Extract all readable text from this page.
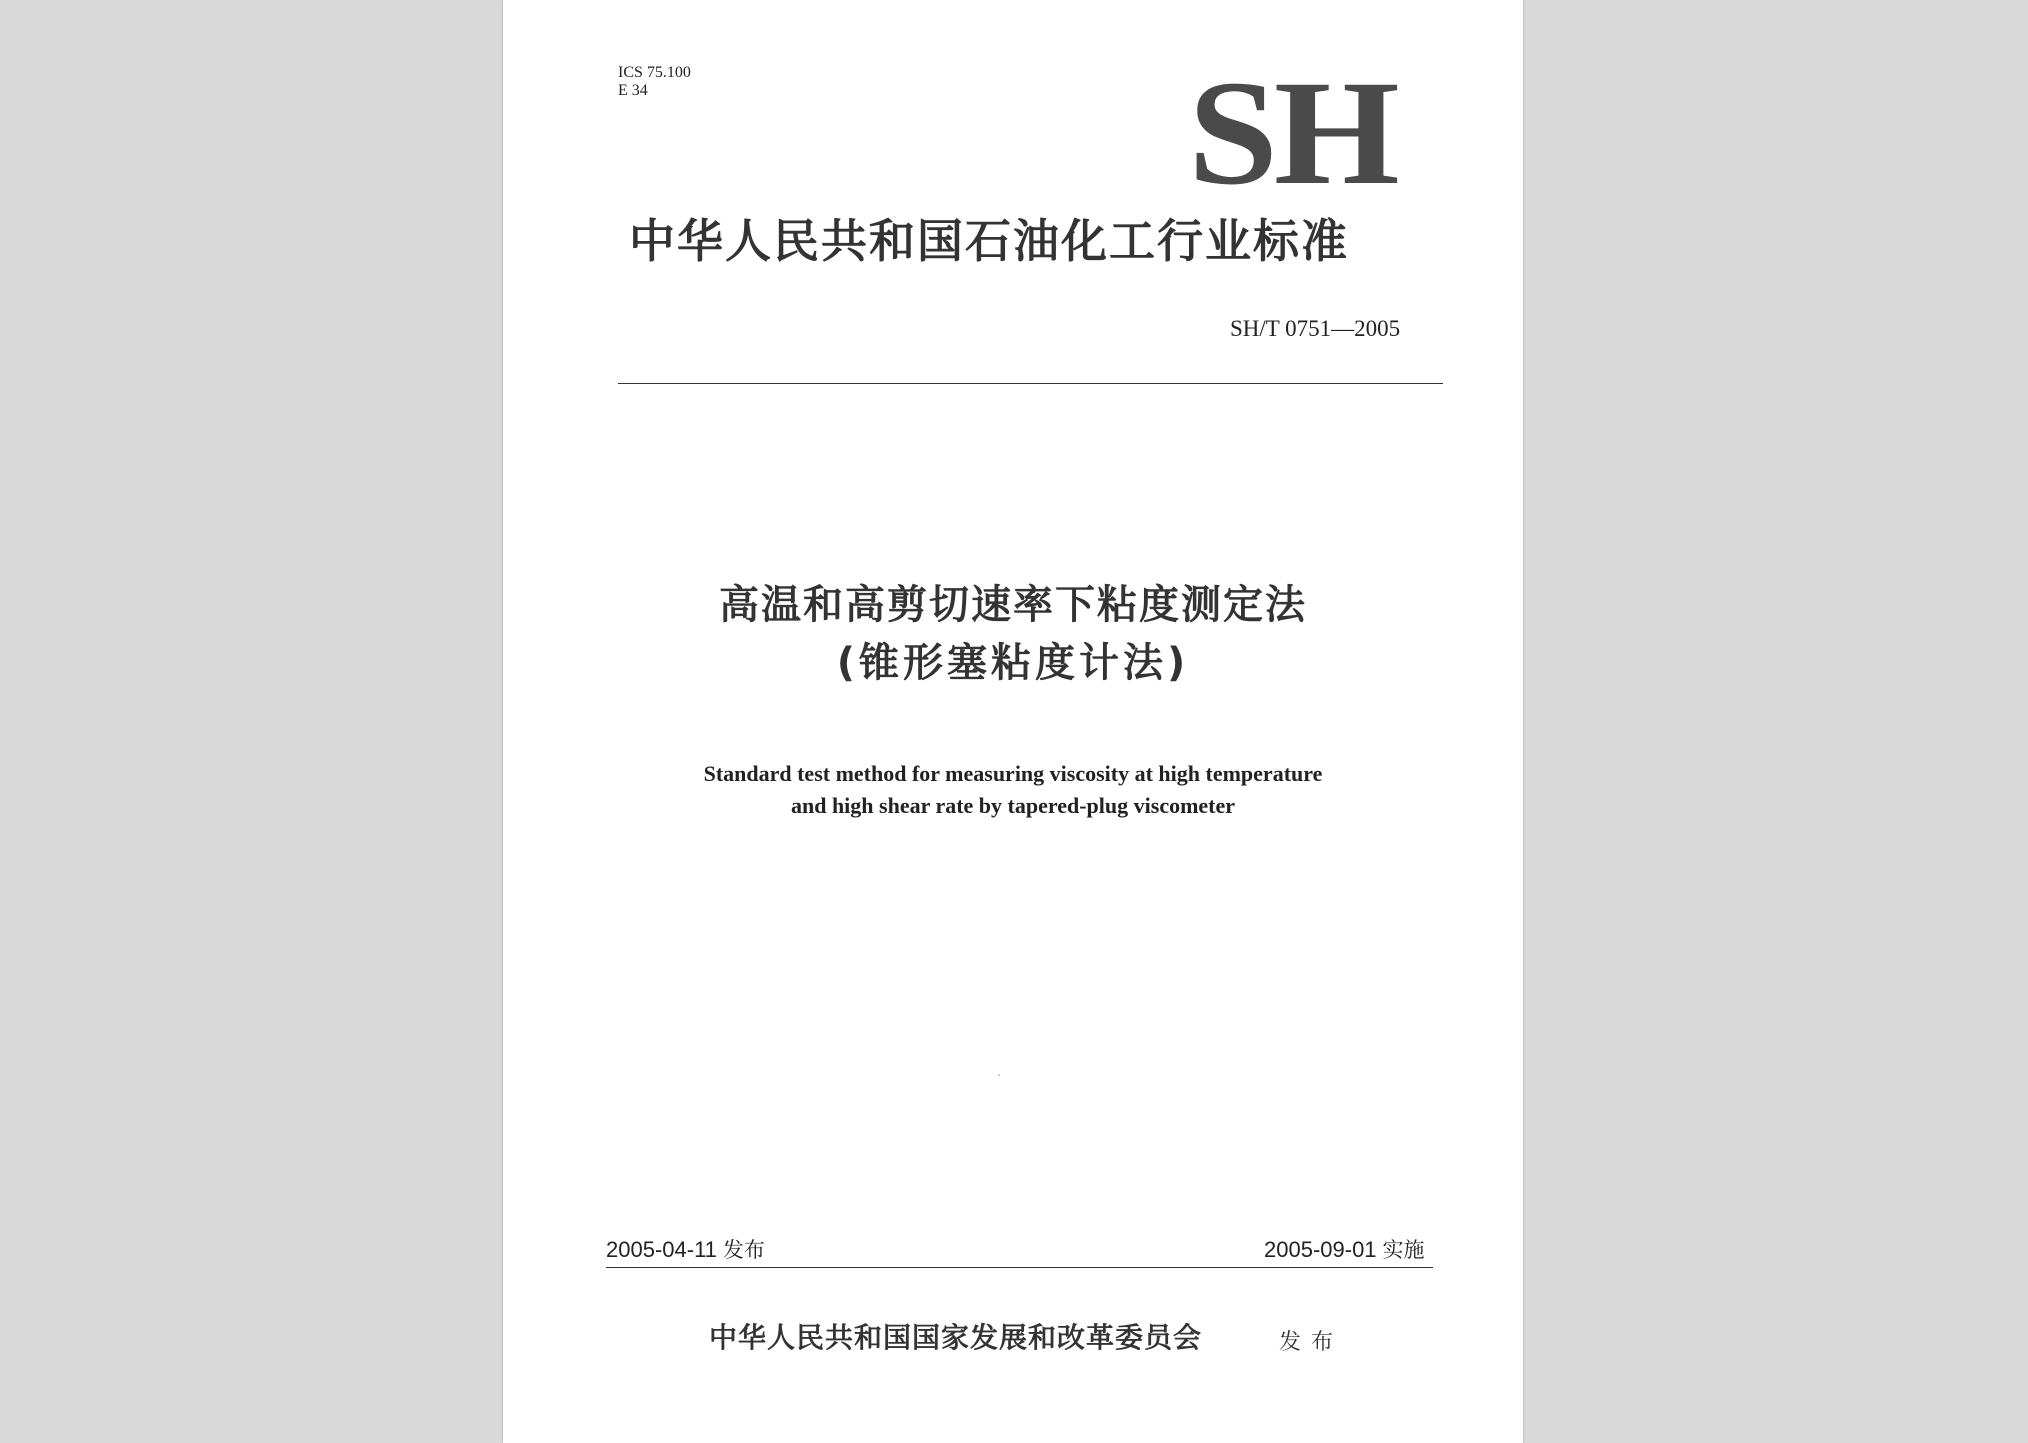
ICS 75.100
E 34	SH
中华人民共和国石油化工行业标准
SH/T 0751—2005
高温和高剪切速率下粘度测定法
(锥形塞粘度计法)
Standard test method for measuring viscosity at high temperature
and high shear rate by tapered-plug viscometer
2005-04-11 发布	2005-09-01 实施
中华人民共和国国家发展和改革委员会	发布
